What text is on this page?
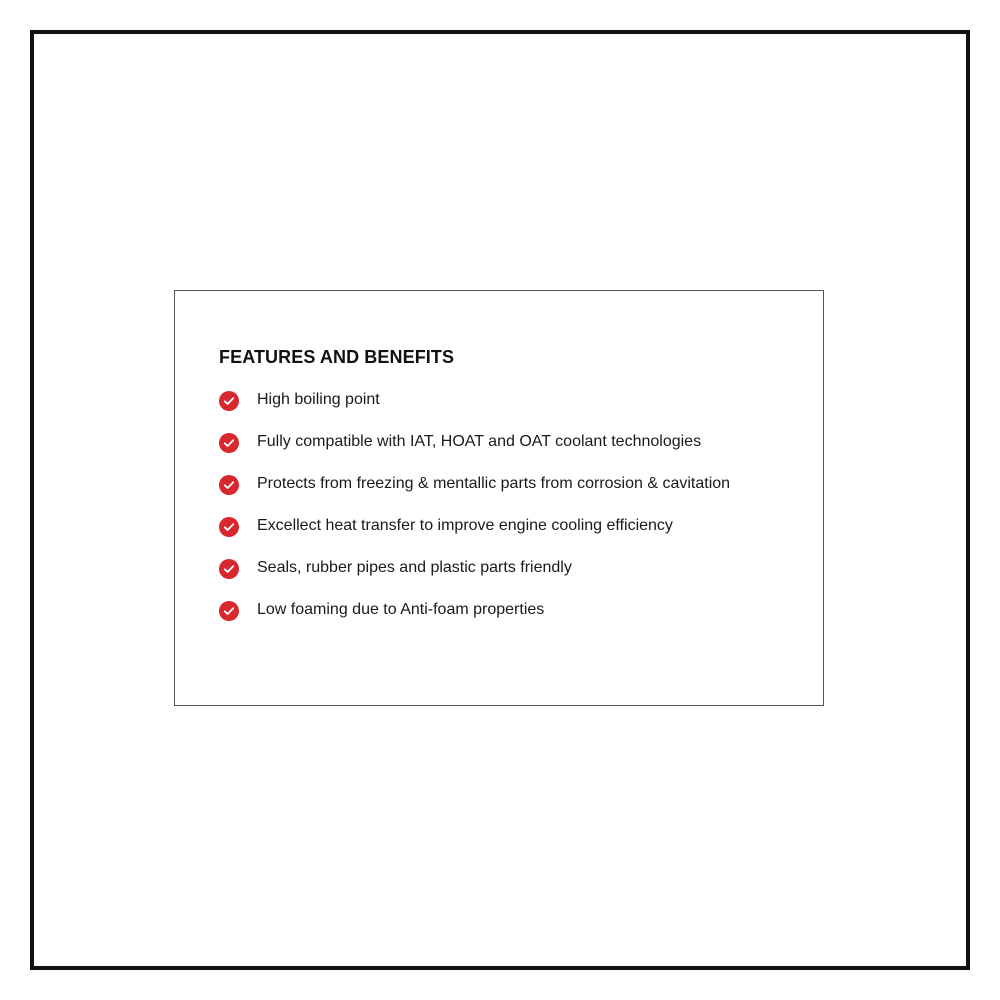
FEATURES AND BENEFITS
High boiling point
Fully compatible with IAT, HOAT and OAT coolant technologies
Protects from freezing & mentallic parts from corrosion & cavitation
Excellect heat transfer to improve engine cooling efficiency
Seals, rubber pipes and plastic parts friendly
Low foaming due to Anti-foam properties
